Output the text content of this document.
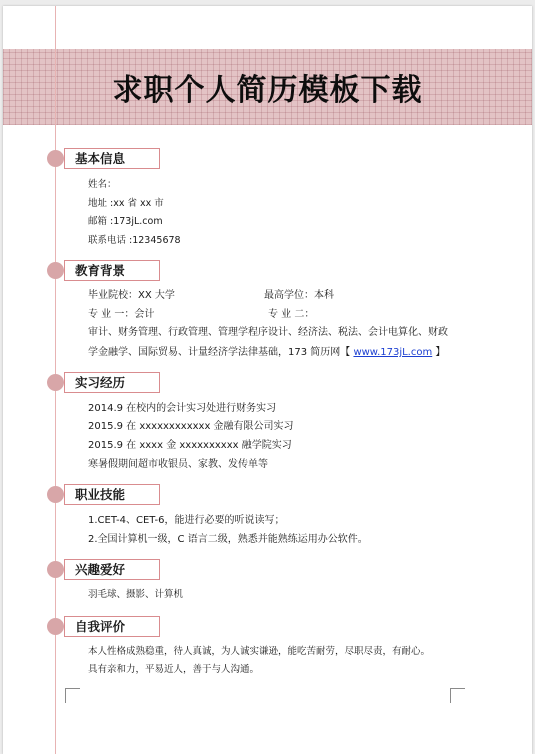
求职个人简历模板下载
基本信息
姓名：
地址 :xx 省 xx 市
邮箱 :173jL.com
联系电话 :12345678
教育背景
毕业院校：XX 大学	最高学位：本科
专 业 一：会计	专 业 二：
审计、财务管理、行政管理、管理学程序设计、经济法、税法、会计电算化、财政
学金融学、国际贸易、计量经济学法律基础，173 简历网【 www.173jL.com 】
实习经历
2014.9 在校内的会计实习处进行财务实习
2015.9 在 xxxxxxxxxxxx 金融有限公司实习
2015.9 在 xxxx 金 xxxxxxxxxx 融学院实习
寒暑假期间超市收银员、家教、发传单等
职业技能
1.CET-4、CET-6，能进行必要的听说读写；
2.全国计算机一级，C 语言二级，熟悉并能熟练运用办公软件。
兴趣爱好
羽毛球、摄影、计算机
自我评价
本人性格成熟稳重，待人真诚，为人诚实谦逊，能吃苦耐劳，尽职尽责，有耐心。
具有亲和力，平易近人，善于与人沟通。
